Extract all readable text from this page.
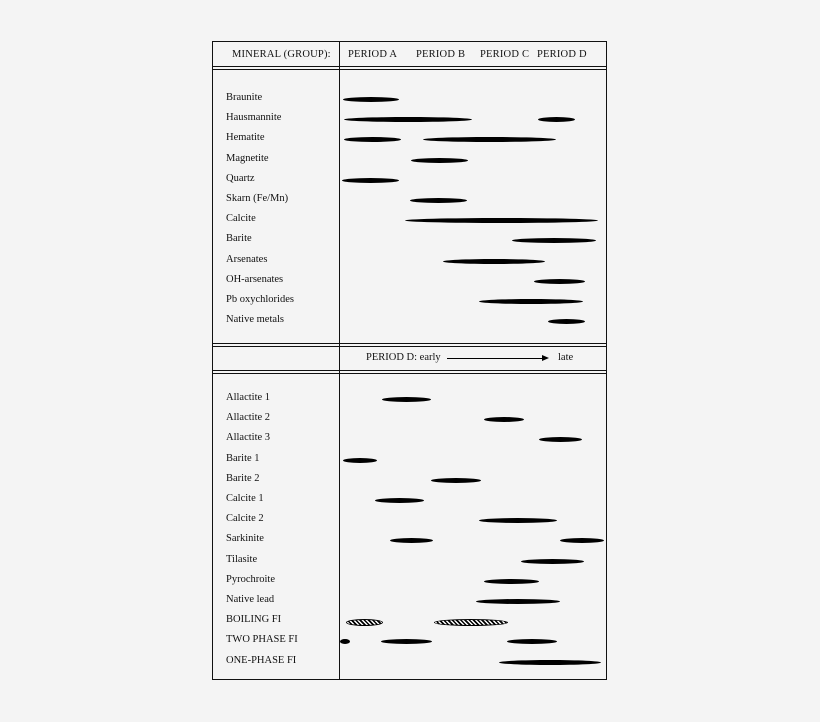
MINERAL (GROUP): PERIOD A PERIOD B PERIOD C PERIOD D
PERIOD D: early	late
Braunite
Hausmannite
Hematite
Magnetite
Quartz
Skarn (Fe/Mn)
Calcite
Barite
Arsenates
OH-arsenates
Pb oxychlorides
Native metals
Allactite 1
Allactite 2
Allactite 3
Barite 1
Barite 2
Calcite 1
Calcite 2
Sarkinite
Tilasite
Pyrochroite
Native lead
BOILING FI
TWO PHASE FI
ONE-PHASE FI
